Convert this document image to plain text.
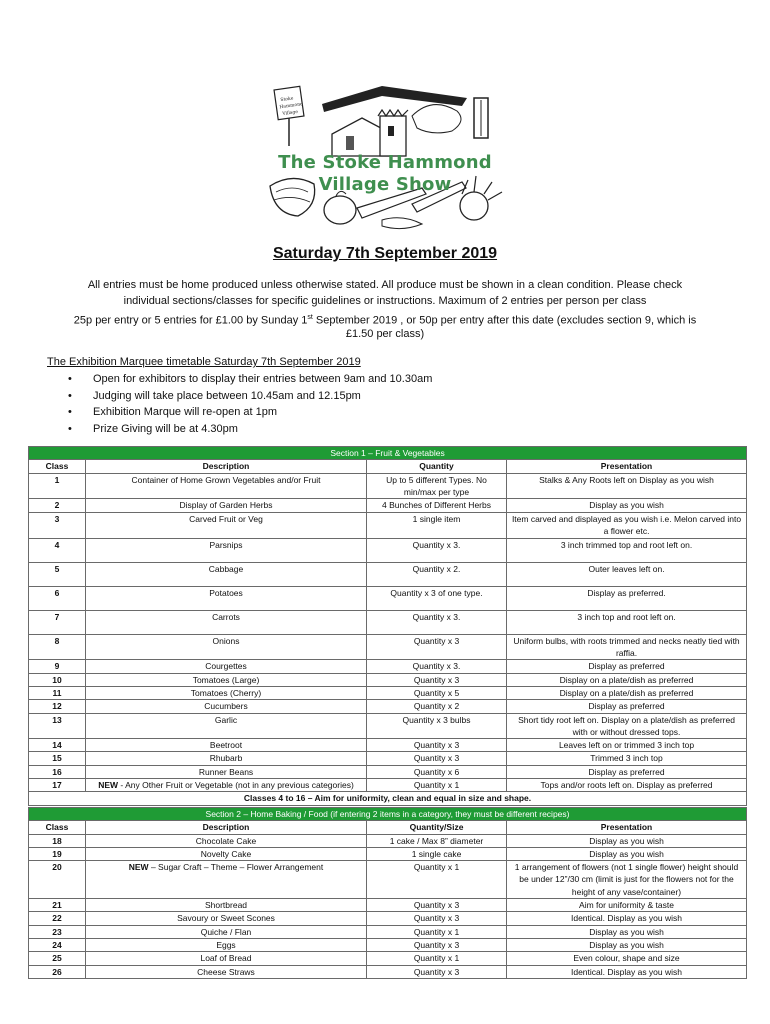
Stoke
Hammond
Village
The Stoke Hammond
Village Show
Saturday 7th September 2019
All entries must be home produced unless otherwise stated. All produce must be shown in a clean condition. Please check
individual sections/classes for specific guidelines or instructions. Maximum of 2 entries per person per class
25p per entry or 5 entries for £1.00 by Sunday 1st September 2019 , or 50p per entry after this date (excludes section 9, which is
£1.50 per class)
The Exhibition Marquee timetable Saturday 7th September 2019
• Open for exhibitors to display their entries between 9am and 10.30am
• Judging will take place between 10.45am and 12.15pm
• Exhibition Marque will re-open at 1pm
• Prize Giving will be at 4.30pm
Section 1 – Fruit & Vegetables			
Class	Description	Quantity	Presentation
1	Container of Home Grown Vegetables and/or Fruit	Up to 5 different Types. No min/max per type	Stalks & Any Roots left on Display as you wish
2	Display of Garden Herbs	4 Bunches of Different Herbs	Display as you wish
3	Carved Fruit or Veg	1 single item	Item carved and displayed as you wish i.e. Melon carved into a flower etc.
4	Parsnips	Quantity x 3.	3 inch trimmed top and root left on.
5	Cabbage	Quantity x 2.	Outer leaves left on.
6	Potatoes	Quantity x 3 of one type.	Display as preferred.
7	Carrots	Quantity x 3.	3 inch top and root left on.
8	Onions	Quantity x 3	Uniform bulbs, with roots trimmed and necks neatly tied with raffia.
9	Courgettes	Quantity x 3.	Display as preferred
10	Tomatoes (Large)	Quantity x 3	Display on a plate/dish as preferred
11	Tomatoes (Cherry)	Quantity x 5	Display on a plate/dish as preferred
12	Cucumbers	Quantity x 2	Display as preferred
13	Garlic	Quantity x 3 bulbs	Short tidy root left on. Display on a plate/dish as preferred with or without dressed tops.
14	Beetroot	Quantity x 3	Leaves left on or trimmed 3 inch top
15	Rhubarb	Quantity x 3	Trimmed 3 inch top
16	Runner Beans	Quantity x 6	Display as preferred
17	NEW - Any Other Fruit or Vegetable (not in any previous categories)	Quantity x 1	Tops and/or roots left on. Display as preferred
Classes 4 to 16 – Aim for uniformity, clean and equal in size and shape.			
Section 2 – Home Baking / Food (if entering 2 items in a category, they must be different recipes)			
Class	Description	Quantity/Size	Presentation
18	Chocolate Cake	1 cake / Max 8” diameter	Display as you wish
19	Novelty Cake	1 single cake	Display as you wish
20	NEW – Sugar Craft – Theme – Flower Arrangement	Quantity x 1	1 arrangement of flowers (not 1 single flower) height should be under 12”/30 cm (limit is just for the flowers not for the height of any vase/container)
21	Shortbread	Quantity x 3	Aim for uniformity & taste
22	Savoury or Sweet Scones	Quantity x 3	Identical. Display as you wish
23	Quiche / Flan	Quantity x 1	Display as you wish
24	Eggs	Quantity x 3	Display as you wish
25	Loaf of Bread	Quantity x 1	Even colour, shape and size
26	Cheese Straws	Quantity x 3	Identical. Display as you wish
